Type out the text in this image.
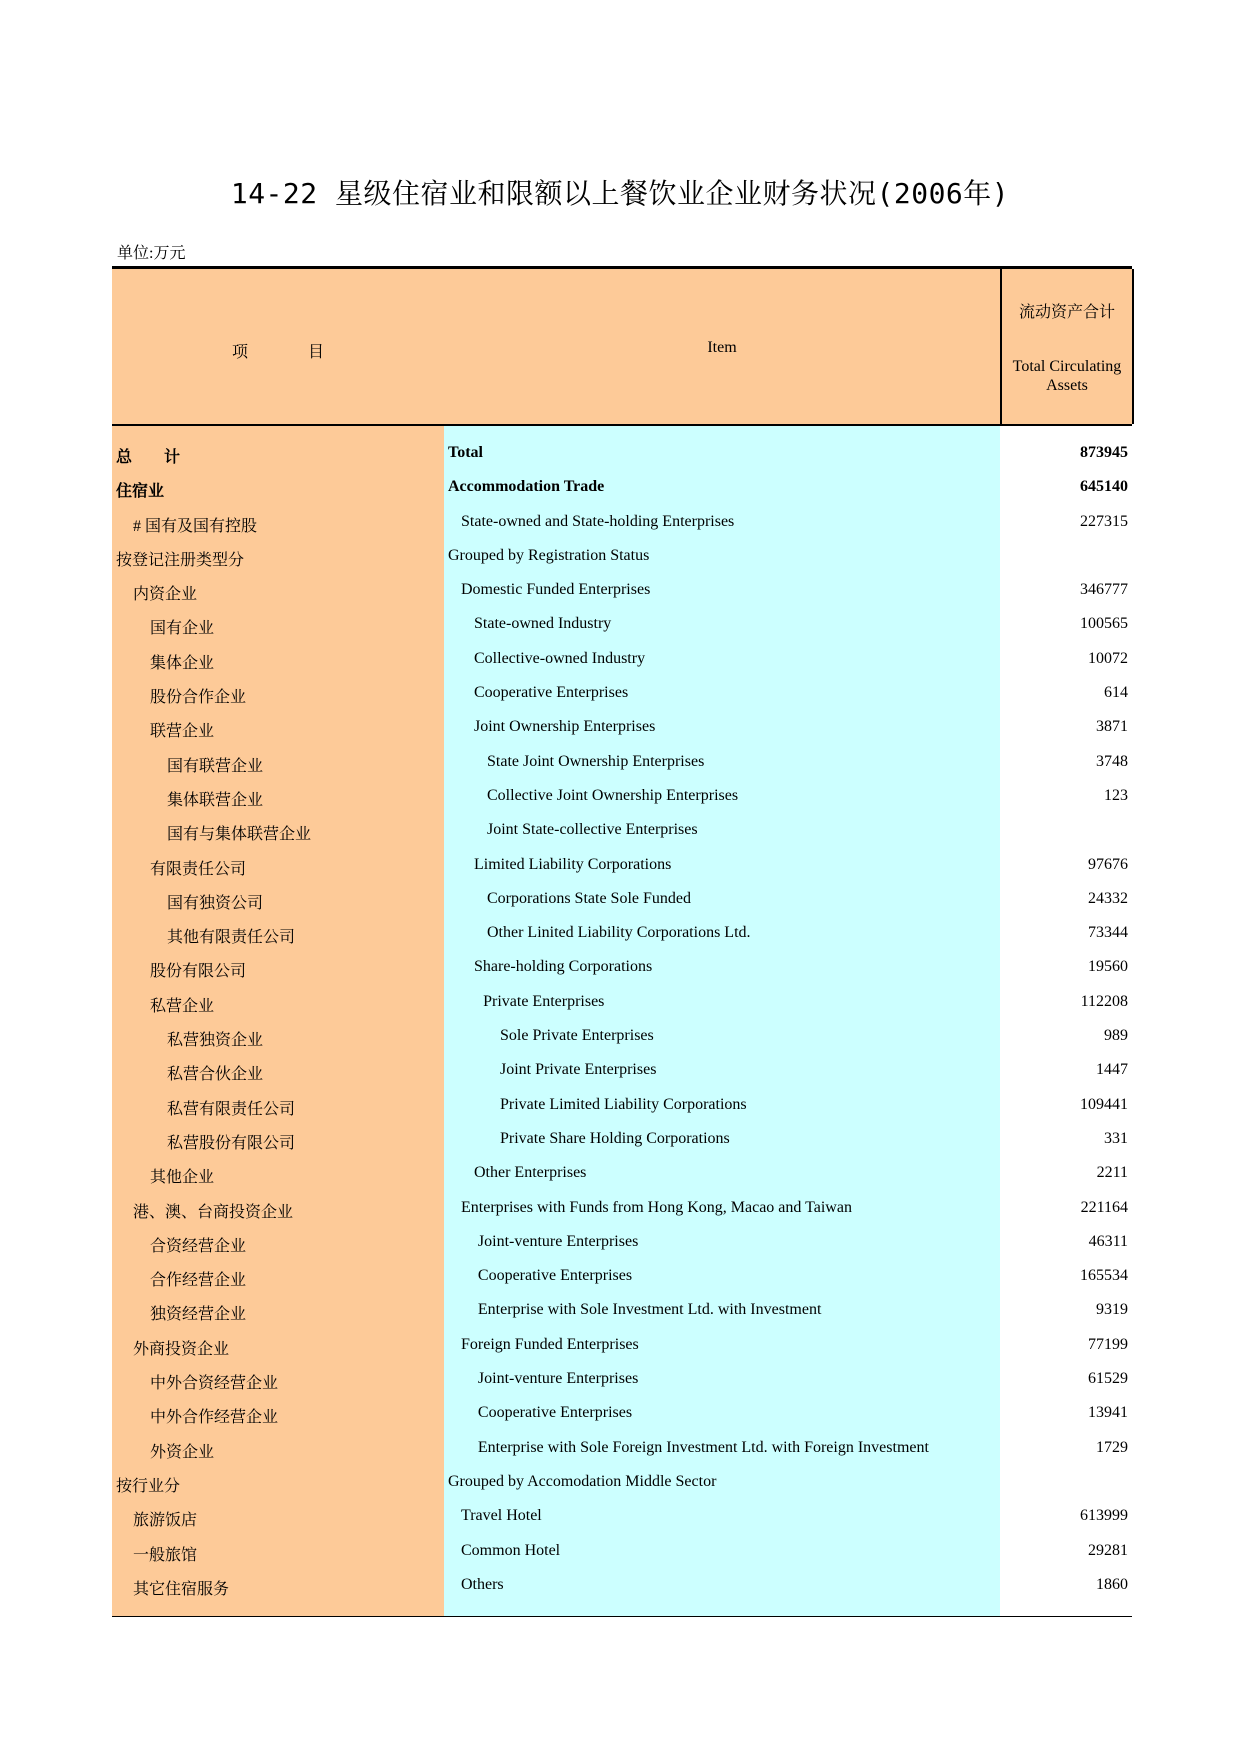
14-22 星级住宿业和限额以上餐饮业企业财务状况(2006年)
单位:万元
项	目	Item
流动资产合计
Total Circulating Assets
总　　计	Total	873945
住宿业	Accommodation Trade	645140
# 国有及国有控股	State-owned and State-holding Enterprises	227315
按登记注册类型分	Grouped by Registration Status
内资企业	Domestic Funded Enterprises	346777
国有企业	State-owned Industry	100565
集体企业	Collective-owned Industry	10072
股份合作企业	Cooperative Enterprises	614
联营企业	Joint Ownership Enterprises	3871
国有联营企业	State Joint Ownership Enterprises	3748
集体联营企业	Collective Joint Ownership Enterprises	123
国有与集体联营企业	Joint State-collective Enterprises
有限责任公司	Limited Liability Corporations	97676
国有独资公司	Corporations State Sole Funded	24332
其他有限责任公司	Other Linited Liability Corporations Ltd.	73344
股份有限公司	Share-holding Corporations	19560
私营企业	Private Enterprises	112208
私营独资企业	Sole Private Enterprises	989
私营合伙企业	Joint Private Enterprises	1447
私营有限责任公司	Private Limited Liability Corporations	109441
私营股份有限公司	Private Share Holding Corporations	331
其他企业	Other Enterprises	2211
港、澳、台商投资企业	Enterprises with Funds from Hong Kong, Macao and Taiwan	221164
合资经营企业	Joint-venture Enterprises	46311
合作经营企业	Cooperative Enterprises	165534
独资经营企业	Enterprise with Sole Investment Ltd. with Investment	9319
外商投资企业	Foreign Funded Enterprises	77199
中外合资经营企业	Joint-venture Enterprises	61529
中外合作经营企业	Cooperative Enterprises	13941
外资企业	Enterprise with Sole Foreign Investment Ltd. with Foreign Investment	1729
按行业分	Grouped by Accomodation Middle Sector
旅游饭店	Travel Hotel	613999
一般旅馆	Common Hotel	29281
其它住宿服务	Others	1860
